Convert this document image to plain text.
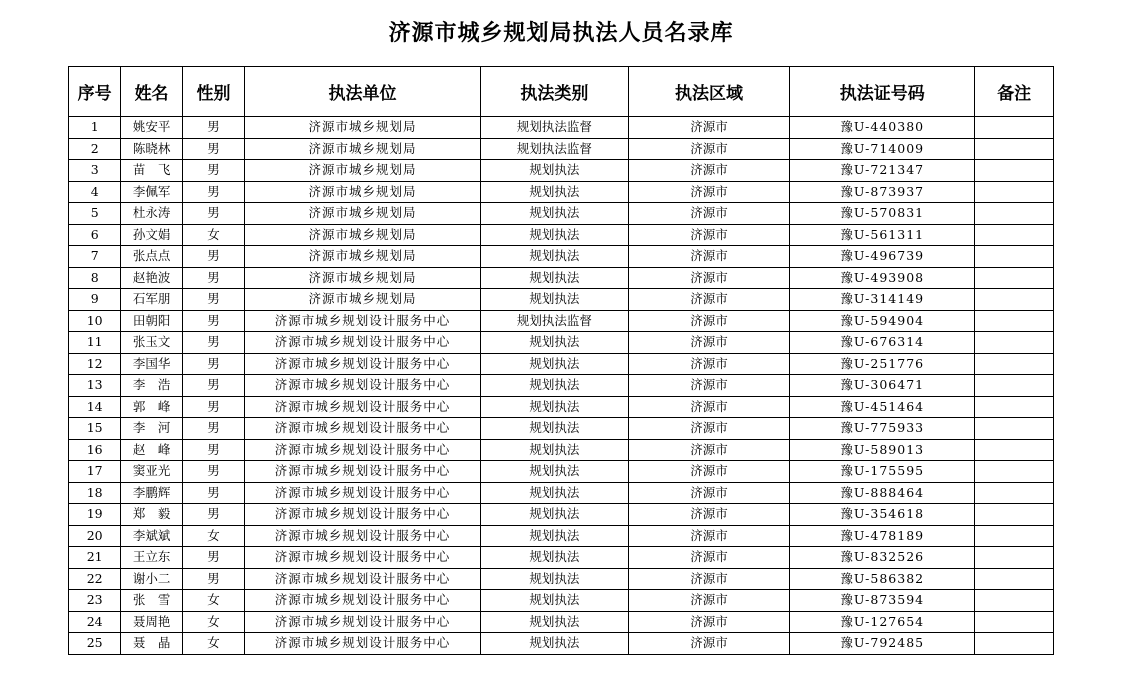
济源市城乡规划局执法人员名录库
序号	姓名	性别	执法单位	执法类别	执法区域	执法证号码	备注
1	姚安平	男	济源市城乡规划局	规划执法监督	济源市	豫U-440380	
2	陈晓林	男	济源市城乡规划局	规划执法监督	济源市	豫U-714009	
3	苗　飞	男	济源市城乡规划局	规划执法	济源市	豫U-721347	
4	李佩军	男	济源市城乡规划局	规划执法	济源市	豫U-873937	
5	杜永涛	男	济源市城乡规划局	规划执法	济源市	豫U-570831	
6	孙文娟	女	济源市城乡规划局	规划执法	济源市	豫U-561311	
7	张点点	男	济源市城乡规划局	规划执法	济源市	豫U-496739	
8	赵艳波	男	济源市城乡规划局	规划执法	济源市	豫U-493908	
9	石军朋	男	济源市城乡规划局	规划执法	济源市	豫U-314149	
10	田朝阳	男	济源市城乡规划设计服务中心	规划执法监督	济源市	豫U-594904	
11	张玉文	男	济源市城乡规划设计服务中心	规划执法	济源市	豫U-676314	
12	李国华	男	济源市城乡规划设计服务中心	规划执法	济源市	豫U-251776	
13	李　浩	男	济源市城乡规划设计服务中心	规划执法	济源市	豫U-306471	
14	郭　峰	男	济源市城乡规划设计服务中心	规划执法	济源市	豫U-451464	
15	李　河	男	济源市城乡规划设计服务中心	规划执法	济源市	豫U-775933	
16	赵　峰	男	济源市城乡规划设计服务中心	规划执法	济源市	豫U-589013	
17	窦亚光	男	济源市城乡规划设计服务中心	规划执法	济源市	豫U-175595	
18	李鹏辉	男	济源市城乡规划设计服务中心	规划执法	济源市	豫U-888464	
19	郑　毅	男	济源市城乡规划设计服务中心	规划执法	济源市	豫U-354618	
20	李斌斌	女	济源市城乡规划设计服务中心	规划执法	济源市	豫U-478189	
21	王立东	男	济源市城乡规划设计服务中心	规划执法	济源市	豫U-832526	
22	谢小二	男	济源市城乡规划设计服务中心	规划执法	济源市	豫U-586382	
23	张　雪	女	济源市城乡规划设计服务中心	规划执法	济源市	豫U-873594	
24	聂周艳	女	济源市城乡规划设计服务中心	规划执法	济源市	豫U-127654	
25	聂　晶	女	济源市城乡规划设计服务中心	规划执法	济源市	豫U-792485	
